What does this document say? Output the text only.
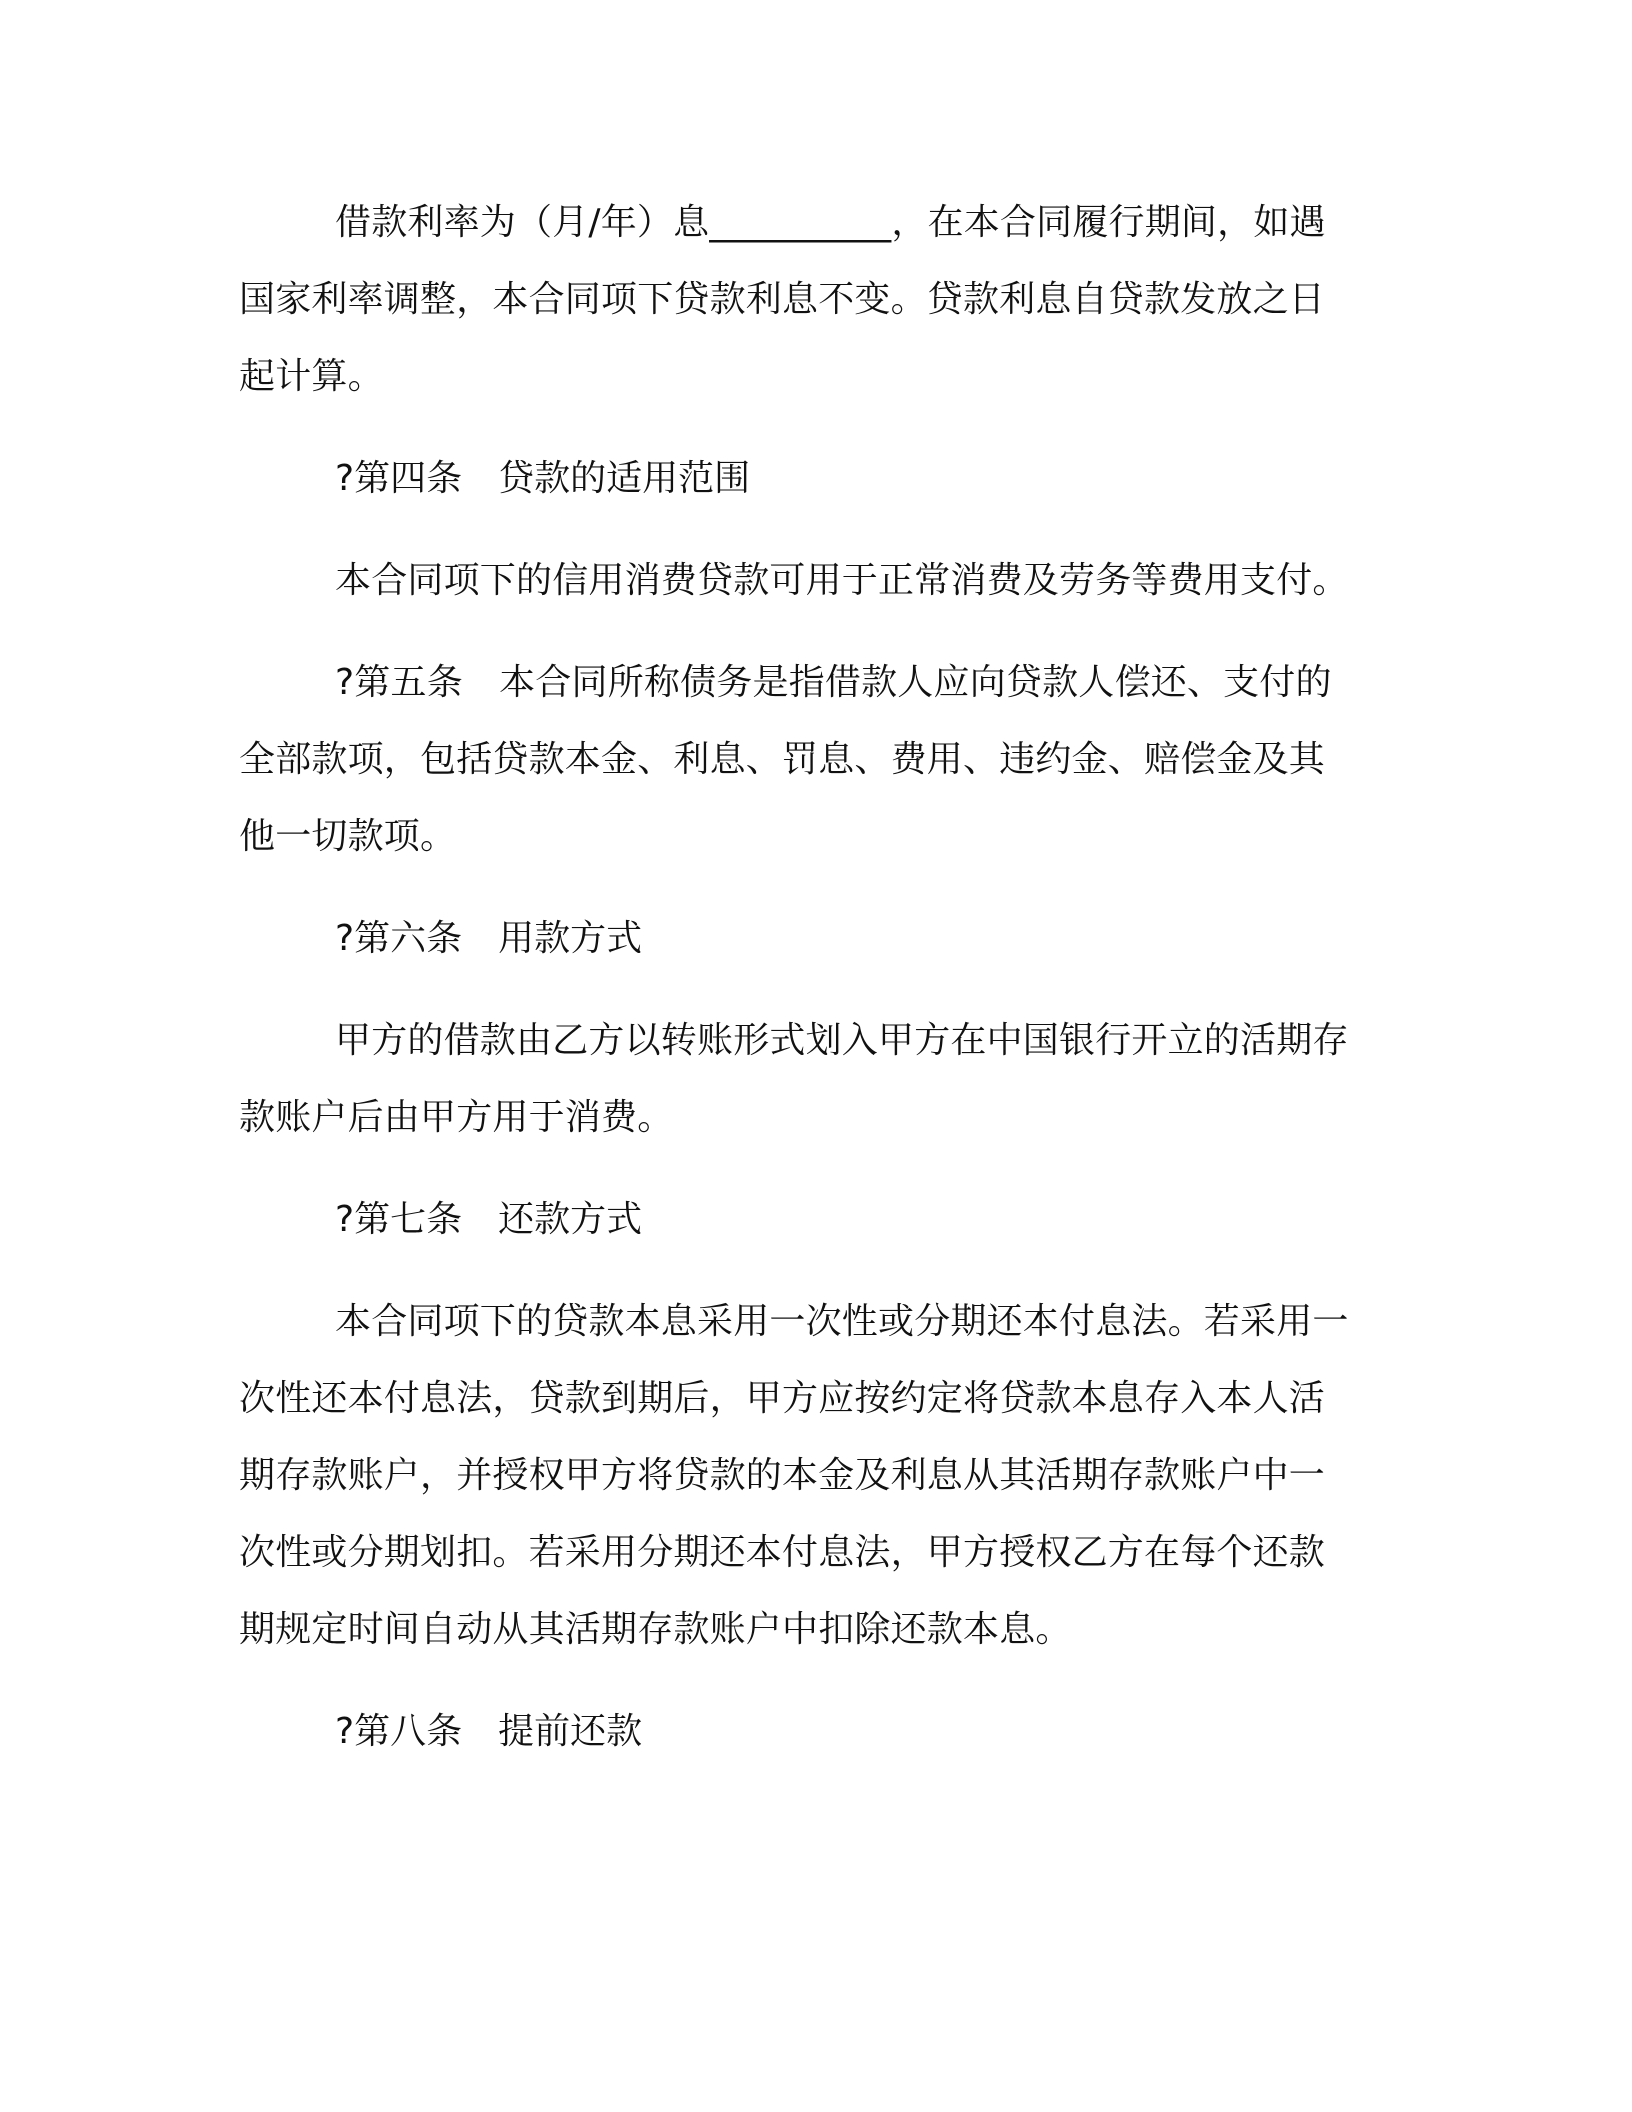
借款利率为（月/年）息__________，在本合同履行期间，如遇
国家利率调整，本合同项下贷款利息不变。贷款利息自贷款发放之日
起计算。

?第四条　贷款的适用范围

本合同项下的信用消费贷款可用于正常消费及劳务等费用支付。

?第五条　本合同所称债务是指借款人应向贷款人偿还、支付的
全部款项，包括贷款本金、利息、罚息、费用、违约金、赔偿金及其
他一切款项。

?第六条　用款方式

甲方的借款由乙方以转账形式划入甲方在中国银行开立的活期存
款账户后由甲方用于消费。

?第七条　还款方式

本合同项下的贷款本息采用一次性或分期还本付息法。若采用一
次性还本付息法，贷款到期后，甲方应按约定将贷款本息存入本人活
期存款账户，并授权甲方将贷款的本金及利息从其活期存款账户中一
次性或分期划扣。若采用分期还本付息法，甲方授权乙方在每个还款
期规定时间自动从其活期存款账户中扣除还款本息。

?第八条　提前还款
